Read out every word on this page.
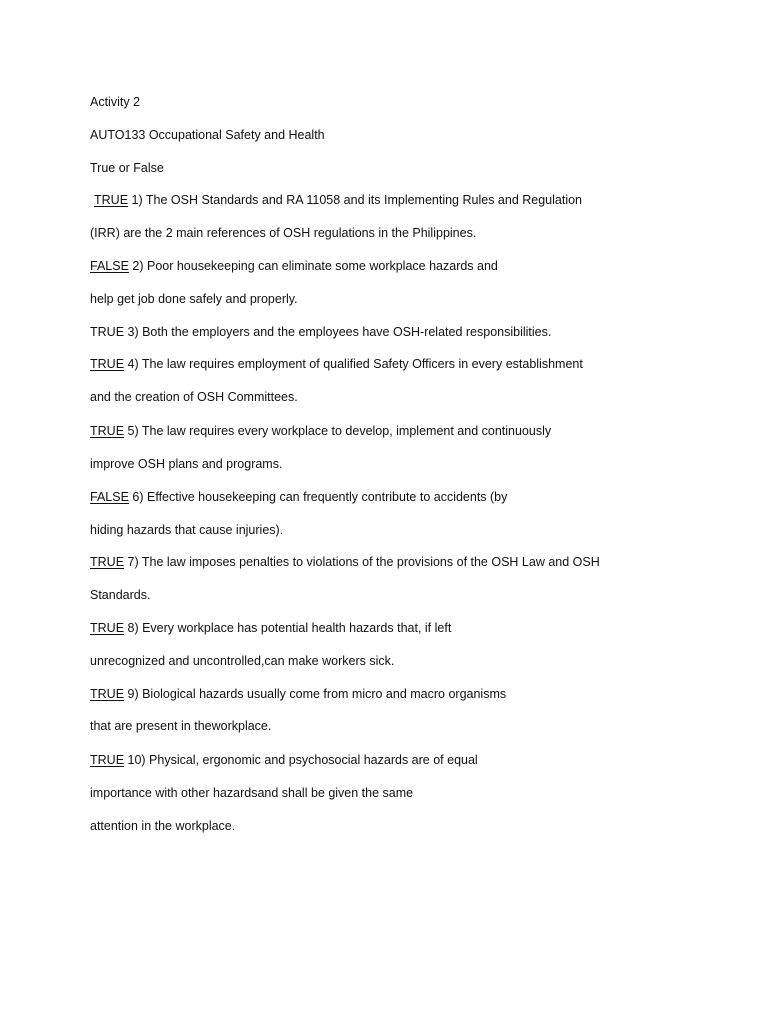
Activity 2
AUTO133 Occupational Safety and Health
True or False
TRUE 1) The OSH Standards and RA 11058 and its Implementing Rules and Regulation
(IRR) are the 2 main references of OSH regulations in the Philippines.
FALSE 2) Poor housekeeping can eliminate some workplace hazards and
help get job done safely and properly.
TRUE 3) Both the employers and the employees have OSH-related responsibilities.
TRUE 4) The law requires employment of qualified Safety Officers in every establishment
and the creation of OSH Committees.
TRUE 5) The law requires every workplace to develop, implement and continuously
improve OSH plans and programs.
FALSE 6) Effective housekeeping can frequently contribute to accidents (by
hiding hazards that cause injuries).
TRUE 7) The law imposes penalties to violations of the provisions of the OSH Law and OSH
Standards.
TRUE 8) Every workplace has potential health hazards that, if left
unrecognized and uncontrolled,can make workers sick.
TRUE 9) Biological hazards usually come from micro and macro organisms
that are present in theworkplace.
TRUE 10) Physical, ergonomic and psychosocial hazards are of equal
importance with other hazardsand shall be given the same
attention in the workplace.
